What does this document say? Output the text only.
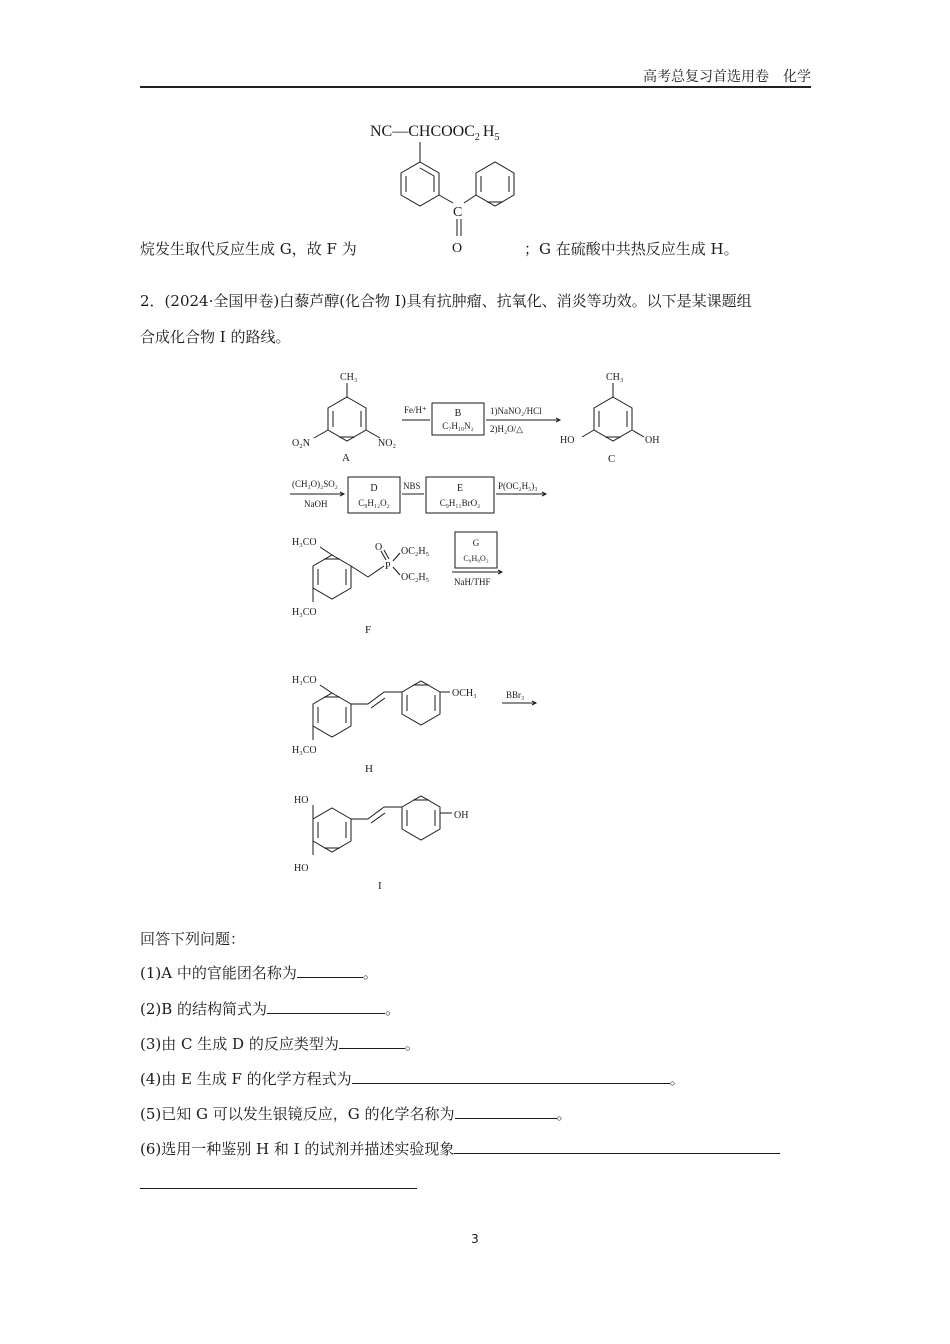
高考总复习首选用卷　化学
$NC—CHCOOC_2$ $H_5$
C
O
烷发生取代反应生成 G，故 F 为	；G 在硫酸中共热反应生成 H。
2．(2024·全国甲卷)白藜芦醇(化合物 I)具有抗肿瘤、抗氧化、消炎等功效。以下是某课题组
合成化合物 I 的路线。
CH₃
O₂N	NO₂
A
Fe/H⁺	B
C₇H₁₀N₂
1)NaNO₂/HCl
2)H₂O/△
CH₃
HO	OH
C
(CH₃O)₂SO₂
NaOH
D
C₉H₁₂O₂
NBS	E
C₉H₁₁BrO₂
P(OC₂H₅)₃
H₃CO
H₃CO
P
O OC₂H₅
OC₂H₅
F
G
C₈H₈O₂
NaH/THF
H₃CO
H₃CO
OCH₃
H
BBr₃
HO
HO
OH
I
回答下列问题：
(1)A 中的官能团名称为	。
(2)B 的结构简式为	。
(3)由 C 生成 D 的反应类型为	。
(4)由 E 生成 F 的化学方程式为	。
(5)已知 G 可以发生银镜反应，G 的化学名称为	。
(6)选用一种鉴别 H 和 I 的试剂并描述实验现象
3
